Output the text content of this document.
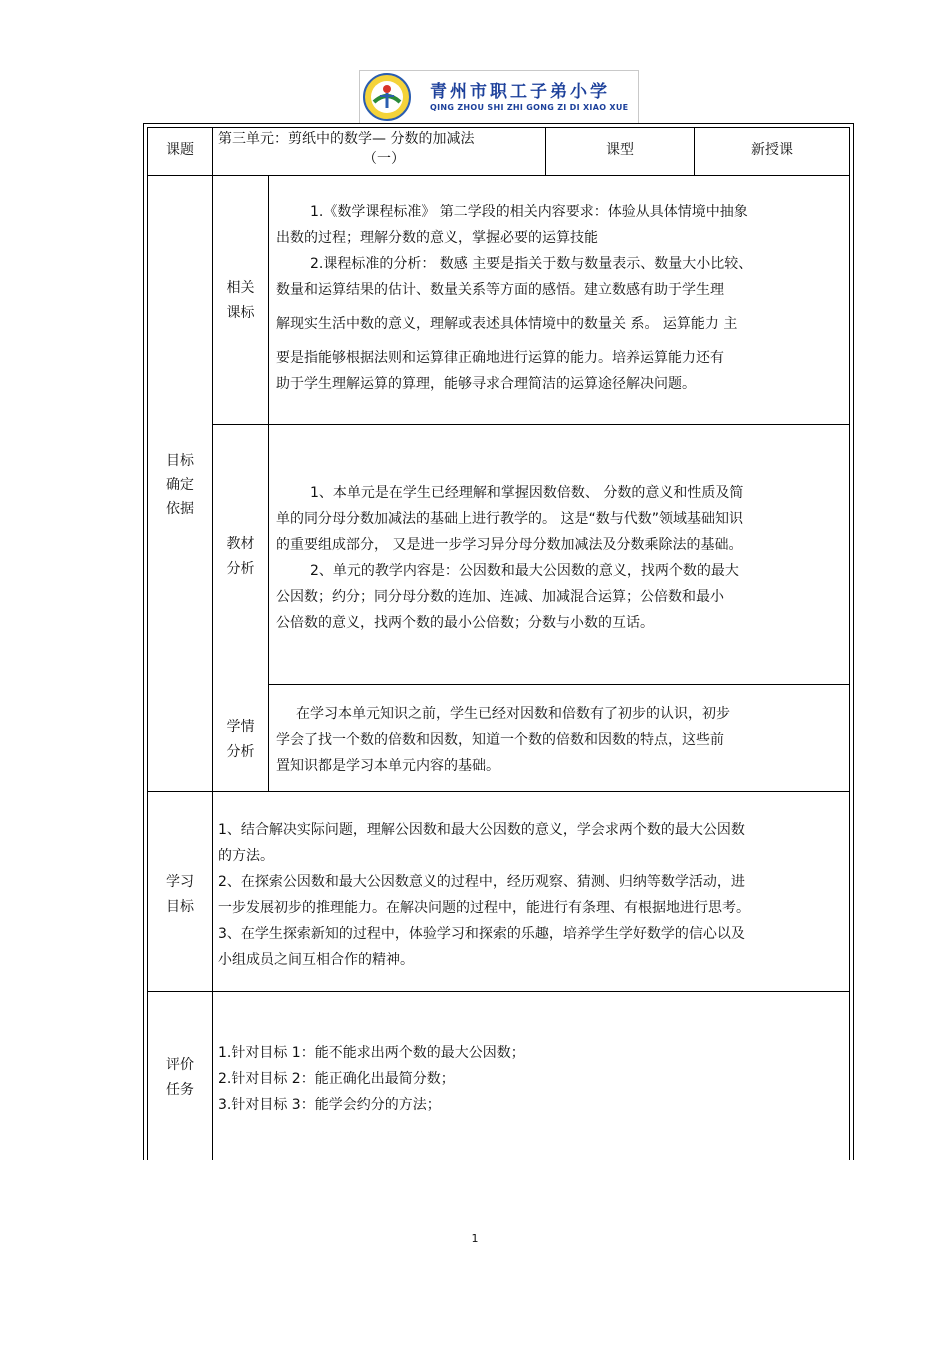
青州市职工子弟小学
QING ZHOU SHI ZHI GONG ZI DI XIAO XUE
课题
第三单元：剪纸中的数学— 分数的加减法
（一）
课型	新授课
目标
确定
依据
相关
课标
1.《数学课程标准》 第二学段的相关内容要求：体验从具体情境中抽象
出数的过程；理解分数的意义，掌握必要的运算技能
2.课程标准的分析： 数感 主要是指关于数与数量表示、数量大小比较、
数量和运算结果的估计、数量关系等方面的感悟。建立数感有助于学生理
解现实生活中数的意义，理解或表述具体情境中的数量关 系。 运算能力 主
要是指能够根据法则和运算律正确地进行运算的能力。培养运算能力还有
助于学生理解运算的算理，能够寻求合理简洁的运算途径解决问题。
教材
分析
1、本单元是在学生已经理解和掌握因数倍数、 分数的意义和性质及简
单的同分母分数加减法的基础上进行教学的。 这是“数与代数”领域基础知识
的重要组成部分， 又是进一步学习异分母分数加减法及分数乘除法的基础。
2、单元的教学内容是：公因数和最大公因数的意义，找两个数的最大
公因数；约分；同分母分数的连加、连减、加减混合运算；公倍数和最小
公倍数的意义，找两个数的最小公倍数；分数与小数的互话。
学情
分析
在学习本单元知识之前，学生已经对因数和倍数有了初步的认识，初步
学会了找一个数的倍数和因数，知道一个数的倍数和因数的特点，这些前
置知识都是学习本单元内容的基础。
学习
目标
1、结合解决实际问题，理解公因数和最大公因数的意义，学会求两个数的最大公因数
的方法。
2、在探索公因数和最大公因数意义的过程中，经历观察、猜测、归纳等数学活动，进
一步发展初步的推理能力。在解决问题的过程中，能进行有条理、有根据地进行思考。
3、在学生探索新知的过程中，体验学习和探索的乐趣，培养学生学好数学的信心以及
小组成员之间互相合作的精神。
评价
任务
1.针对目标 1：能不能求出两个数的最大公因数；
2.针对目标 2：能正确化出最简分数；
3.针对目标 3：能学会约分的方法；
1
